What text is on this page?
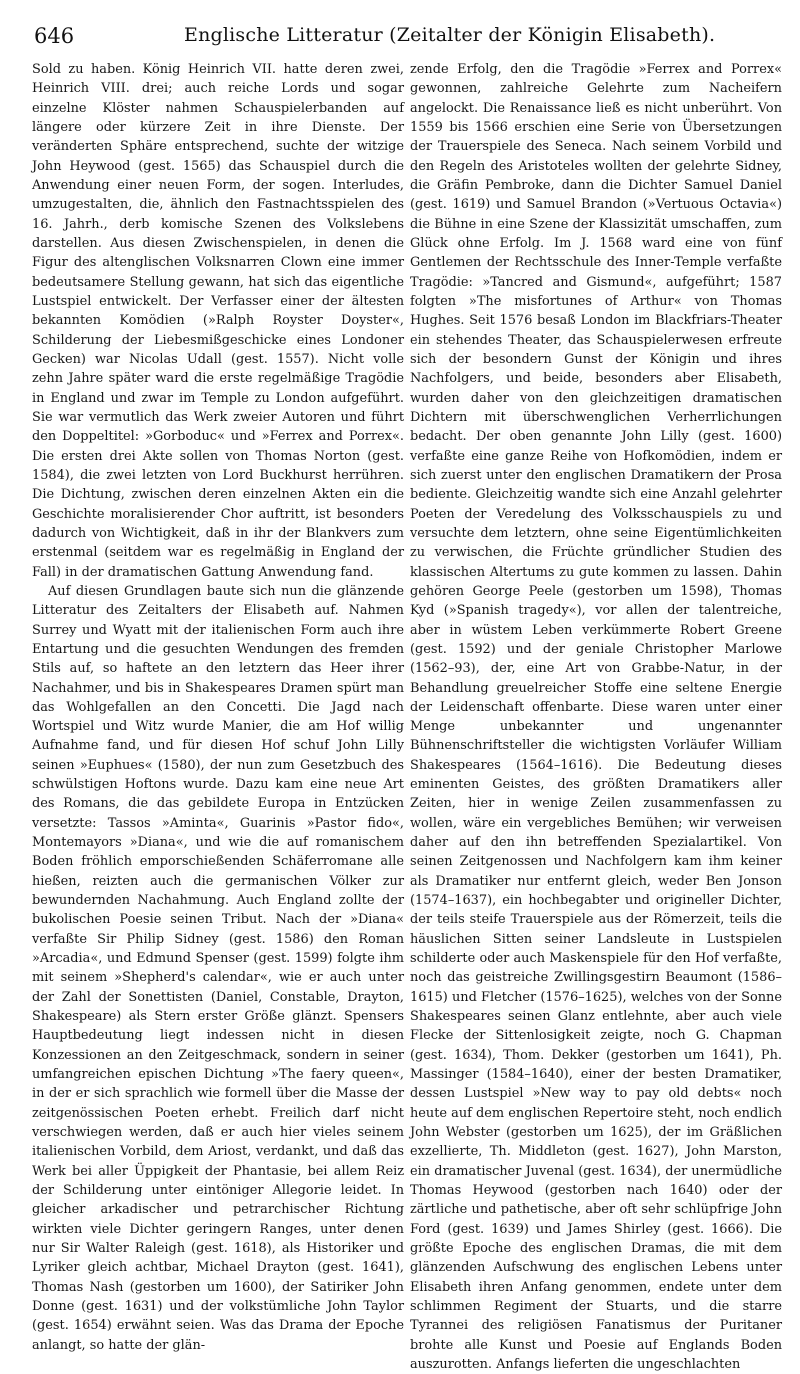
646	Englische Litteratur (Zeitalter der Königin Elisabeth).

Sold zu haben. König Heinrich VII. hatte deren zwei, Heinrich VIII. drei; auch reiche Lords und sogar einzelne Klöster nahmen Schauspielerbanden auf längere oder kürzere Zeit in ihre Dienste. Der veränderten Sphäre entsprechend, suchte der witzige John Heywood (gest. 1565) das Schauspiel durch die Anwendung einer neuen Form, der sogen. Interludes, umzugestalten, die, ähnlich den Fastnachtsspielen des 16. Jahrh., derb komische Szenen des Volkslebens darstellen. Aus diesen Zwischenspielen, in denen die Figur des altenglischen Volksnarren Clown eine immer bedeutsamere Stellung gewann, hat sich das eigentliche Lustspiel entwickelt. Der Verfasser einer der ältesten bekannten Komödien (»Ralph Royster Doyster«, Schilderung der Liebesmißgeschicke eines Londoner Gecken) war Nicolas Udall (gest. 1557). Nicht volle zehn Jahre später ward die erste regelmäßige Tragödie in England und zwar im Temple zu London aufgeführt. Sie war vermutlich das Werk zweier Autoren und führt den Doppeltitel: »Gorboduc« und »Ferrex and Porrex«. Die ersten drei Akte sollen von Thomas Norton (gest. 1584), die zwei letzten von Lord Buckhurst herrühren. Die Dichtung, zwischen deren einzelnen Akten ein die Geschichte moralisierender Chor auftritt, ist besonders dadurch von Wichtigkeit, daß in ihr der Blankvers zum erstenmal (seitdem war es regelmäßig in England der Fall) in der dramatischen Gattung Anwendung fand.

Auf diesen Grundlagen baute sich nun die glänzende Litteratur des Zeitalters der Elisabeth auf. Nahmen Surrey und Wyatt mit der italienischen Form auch ihre Entartung und die gesuchten Wendungen des fremden Stils auf, so haftete an den letztern das Heer ihrer Nachahmer, und bis in Shakespeares Dramen spürt man das Wohlgefallen an den Concetti. Die Jagd nach Wortspiel und Witz wurde Manier, die am Hof willig Aufnahme fand, und für diesen Hof schuf John Lilly seinen »Euphues« (1580), der nun zum Gesetzbuch des schwülstigen Hoftons wurde. Dazu kam eine neue Art des Romans, die das gebildete Europa in Entzücken versetzte: Tassos »Aminta«, Guarinis »Pastor fido«, Montemayors »Diana«, und wie die auf romanischem Boden fröhlich emporschießenden Schäferromane alle hießen, reizten auch die germanischen Völker zur bewundernden Nachahmung. Auch England zollte der bukolischen Poesie seinen Tribut. Nach der »Diana« verfaßte Sir Philip Sidney (gest. 1586) den Roman »Arcadia«, und Edmund Spenser (gest. 1599) folgte ihm mit seinem »Shepherd's calendar«, wie er auch unter der Zahl der Sonettisten (Daniel, Constable, Drayton, Shakespeare) als Stern erster Größe glänzt. Spensers Hauptbedeutung liegt indessen nicht in diesen Konzessionen an den Zeitgeschmack, sondern in seiner umfangreichen epischen Dichtung »The faery queen«, in der er sich sprachlich wie formell über die Masse der zeitgenössischen Poeten erhebt. Freilich darf nicht verschwiegen werden, daß er auch hier vieles seinem italienischen Vorbild, dem Ariost, verdankt, und daß das Werk bei aller Üppigkeit der Phantasie, bei allem Reiz der Schilderung unter eintöniger Allegorie leidet. In gleicher arkadischer und petrarchischer Richtung wirkten viele Dichter geringern Ranges, unter denen nur Sir Walter Raleigh (gest. 1618), als Historiker und Lyriker gleich achtbar, Michael Drayton (gest. 1641), Thomas Nash (gestorben um 1600), der Satiriker John Donne (gest. 1631) und der volkstümliche John Taylor (gest. 1654) erwähnt seien. Was das Drama der Epoche anlangt, so hatte der glän-

zende Erfolg, den die Tragödie »Ferrex and Porrex« gewonnen, zahlreiche Gelehrte zum Nacheifern angelockt. Die Renaissance ließ es nicht unberührt. Von 1559 bis 1566 erschien eine Serie von Übersetzungen der Trauerspiele des Seneca. Nach seinem Vorbild und den Regeln des Aristoteles wollten der gelehrte Sidney, die Gräfin Pembroke, dann die Dichter Samuel Daniel (gest. 1619) und Samuel Brandon (»Vertuous Octavia«) die Bühne in eine Szene der Klassizität umschaffen, zum Glück ohne Erfolg. Im J. 1568 ward eine von fünf Gentlemen der Rechtsschule des Inner-Temple verfaßte Tragödie: »Tancred and Gismund«, aufgeführt; 1587 folgten »The misfortunes of Arthur« von Thomas Hughes. Seit 1576 besaß London im Blackfriars-Theater ein stehendes Theater, das Schauspielerwesen erfreute sich der besondern Gunst der Königin und ihres Nachfolgers, und beide, besonders aber Elisabeth, wurden daher von den gleichzeitigen dramatischen Dichtern mit überschwenglichen Verherrlichungen bedacht. Der oben genannte John Lilly (gest. 1600) verfaßte eine ganze Reihe von Hofkomödien, indem er sich zuerst unter den englischen Dramatikern der Prosa bediente. Gleichzeitig wandte sich eine Anzahl gelehrter Poeten der Veredelung des Volksschauspiels zu und versuchte dem letztern, ohne seine Eigentümlichkeiten zu verwischen, die Früchte gründlicher Studien des klassischen Altertums zu gute kommen zu lassen. Dahin gehören George Peele (gestorben um 1598), Thomas Kyd (»Spanish tragedy«), vor allen der talentreiche, aber in wüstem Leben verkümmerte Robert Greene (gest. 1592) und der geniale Christopher Marlowe (1562–93), der, eine Art von Grabbe-Natur, in der Behandlung greuelreicher Stoffe eine seltene Energie der Leidenschaft offenbarte. Diese waren unter einer Menge unbekannter und ungenannter Bühnenschriftsteller die wichtigsten Vorläufer William Shakespeares (1564–1616). Die Bedeutung dieses eminenten Geistes, des größten Dramatikers aller Zeiten, hier in wenige Zeilen zusammenfassen zu wollen, wäre ein vergebliches Bemühen; wir verweisen daher auf den ihn betreffenden Spezialartikel. Von seinen Zeitgenossen und Nachfolgern kam ihm keiner als Dramatiker nur entfernt gleich, weder Ben Jonson (1574–1637), ein hochbegabter und origineller Dichter, der teils steife Trauerspiele aus der Römerzeit, teils die häuslichen Sitten seiner Landsleute in Lustspielen schilderte oder auch Maskenspiele für den Hof verfaßte, noch das geistreiche Zwillingsgestirn Beaumont (1586–1615) und Fletcher (1576–1625), welches von der Sonne Shakespeares seinen Glanz entlehnte, aber auch viele Flecke der Sittenlosigkeit zeigte, noch G. Chapman (gest. 1634), Thom. Dekker (gestorben um 1641), Ph. Massinger (1584–1640), einer der besten Dramatiker, dessen Lustspiel »New way to pay old debts« noch heute auf dem englischen Repertoire steht, noch endlich John Webster (gestorben um 1625), der im Gräßlichen exzellierte, Th. Middleton (gest. 1627), John Marston, ein dramatischer Juvenal (gest. 1634), der unermüdliche Thomas Heywood (gestorben nach 1640) oder der zärtliche und pathetische, aber oft sehr schlüpfrige John Ford (gest. 1639) und James Shirley (gest. 1666). Die größte Epoche des englischen Dramas, die mit dem glänzenden Aufschwung des englischen Lebens unter Elisabeth ihren Anfang genommen, endete unter dem schlimmen Regiment der Stuarts, und die starre Tyrannei des religiösen Fanatismus der Puritaner brohte alle Kunst und Poesie auf Englands Boden auszurotten. Anfangs lieferten die ungeschlachten
